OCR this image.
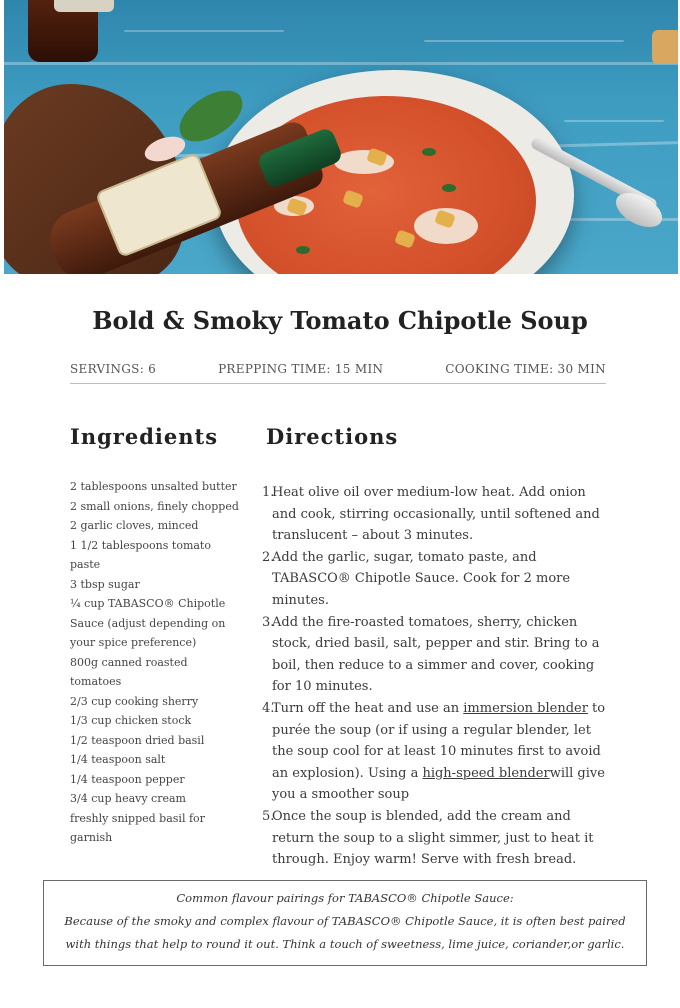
Bold & Smoky Tomato Chipotle Soup
SERVINGS: 6	PREPPING TIME: 15 MIN	COOKING TIME: 30 MIN
Ingredients Directions
2 tablespoons unsalted butter
2 small onions, finely chopped
2 garlic cloves, minced
1 1/2 tablespoons tomato paste
3 tbsp sugar
¼ cup TABASCO® Chipotle Sauce (adjust depending on your spice preference)
800g canned roasted tomatoes
2/3 cup cooking sherry
1/3 cup chicken stock
1/2 teaspoon dried basil
1/4 teaspoon salt
1/4 teaspoon pepper
3/4 cup heavy cream
freshly snipped basil for garnish
1.
Heat olive oil over medium-low heat. Add onion and cook, stirring occasionally, until softened and translucent – about 3 minutes.
2.
Add the garlic, sugar, tomato paste, and TABASCO® Chipotle Sauce. Cook for 2 more minutes.
3.
Add the fire-roasted tomatoes, sherry, chicken stock, dried basil, salt, pepper and stir. Bring to a boil, then reduce to a simmer and cover, cooking for 10 minutes.
4.
Turn off the heat and use an immersion blender to purée the soup (or if using a regular blender, let the soup cool for at least 10 minutes first to avoid an explosion). Using a high-speed blenderwill give you a smoother soup
5.
Once the soup is blended, add the cream and return the soup to a slight simmer, just to heat it through. Enjoy warm! Serve with fresh bread.
Common flavour pairings for TABASCO® Chipotle Sauce:
Because of the smoky and complex flavour of TABASCO® Chipotle Sauce, it is often best paired
with things that help to round it out. Think a touch of sweetness, lime juice, coriander,or garlic.
